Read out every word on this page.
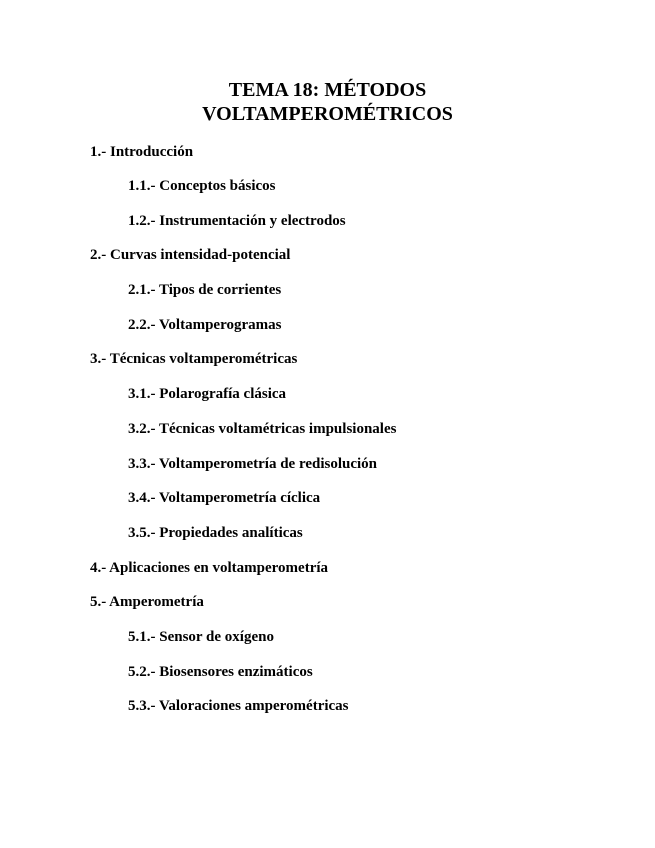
TEMA 18: MÉTODOS
VOLTAMPEROMÉTRICOS
1.- Introducción
1.1.- Conceptos básicos
1.2.- Instrumentación y electrodos
2.- Curvas intensidad-potencial
2.1.- Tipos de corrientes
2.2.- Voltamperogramas
3.- Técnicas voltamperométricas
3.1.- Polarografía clásica
3.2.- Técnicas voltamétricas impulsionales
3.3.- Voltamperometría de redisolución
3.4.- Voltamperometría cíclica
3.5.- Propiedades analíticas
4.- Aplicaciones en voltamperometría
5.- Amperometría
5.1.- Sensor de oxígeno
5.2.- Biosensores enzimáticos
5.3.- Valoraciones amperométricas
